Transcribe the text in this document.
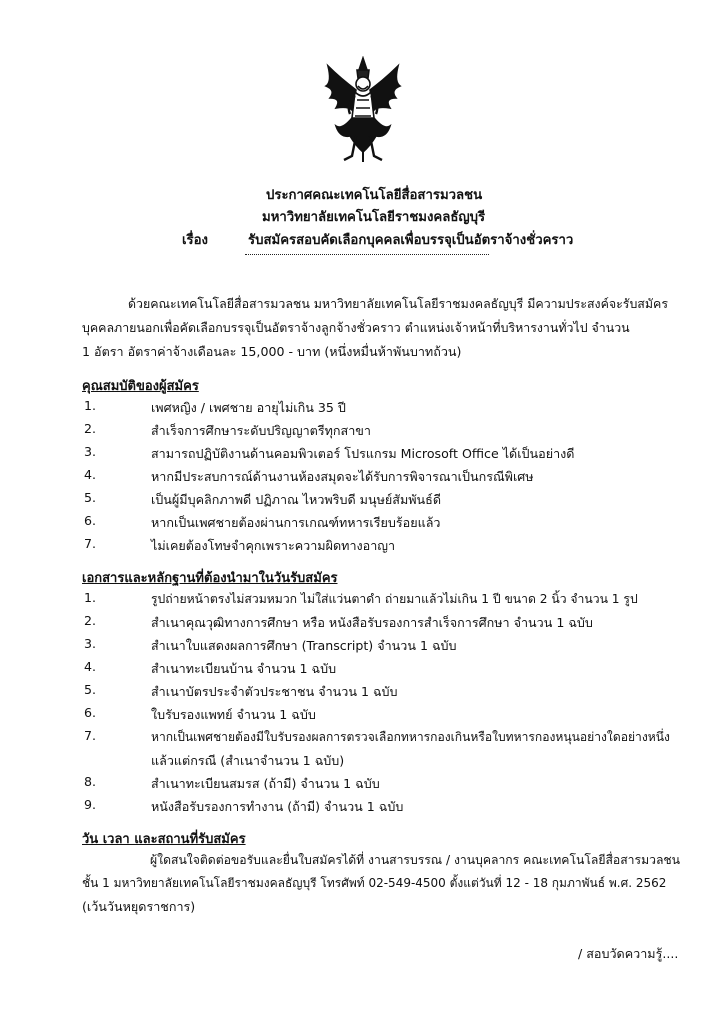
ประกาศคณะเทคโนโลยีสื่อสารมวลชน
มหาวิทยาลัยเทคโนโลยีราชมงคลธัญบุรี
เรื่อง	รับสมัครสอบคัดเลือกบุคคลเพื่อบรรจุเป็นอัตราจ้างชั่วคราว
ด้วยคณะเทคโนโลยีสื่อสารมวลชน มหาวิทยาลัยเทคโนโลยีราชมงคลธัญบุรี มีความประสงค์จะรับสมัคร
บุคคลภายนอกเพื่อคัดเลือกบรรจุเป็นอัตราจ้างลูกจ้างชั่วคราว ตำแหน่งเจ้าหน้าที่บริหารงานทั่วไป จำนวน
1 อัตรา อัตราค่าจ้างเดือนละ 15,000 - บาท (หนึ่งหมื่นห้าพันบาทถ้วน)
คุณสมบัติของผู้สมัคร
1.	เพศหญิง / เพศชาย อายุไม่เกิน 35 ปี
2.	สำเร็จการศึกษาระดับปริญญาตรีทุกสาขา
3.	สามารถปฏิบัติงานด้านคอมพิวเตอร์ โปรแกรม Microsoft Office ได้เป็นอย่างดี
4.	หากมีประสบการณ์ด้านงานห้องสมุดจะได้รับการพิจารณาเป็นกรณีพิเศษ
5.	เป็นผู้มีบุคลิกภาพดี ปฏิภาณ ไหวพริบดี มนุษย์สัมพันธ์ดี
6.	หากเป็นเพศชายต้องผ่านการเกณฑ์ทหารเรียบร้อยแล้ว
7.	ไม่เคยต้องโทษจำคุกเพราะความผิดทางอาญา
เอกสารและหลักฐานที่ต้องนำมาในวันรับสมัคร
1.	รูปถ่ายหน้าตรงไม่สวมหมวก ไม่ใส่แว่นตาดำ ถ่ายมาแล้วไม่เกิน 1 ปี ขนาด 2 นิ้ว จำนวน 1 รูป
2.	สำเนาคุณวุฒิทางการศึกษา หรือ หนังสือรับรองการสำเร็จการศึกษา จำนวน 1 ฉบับ
3.	สำเนาใบแสดงผลการศึกษา (Transcript) จำนวน 1 ฉบับ
4.	สำเนาทะเบียนบ้าน จำนวน 1 ฉบับ
5.	สำเนาบัตรประจำตัวประชาชน จำนวน 1 ฉบับ
6.	ใบรับรองแพทย์ จำนวน 1 ฉบับ
7.	หากเป็นเพศชายต้องมีใบรับรองผลการตรวจเลือกทหารกองเกินหรือใบทหารกองหนุนอย่างใดอย่างหนึ่ง
แล้วแต่กรณี (สำเนาจำนวน 1 ฉบับ)
8.	สำเนาทะเบียนสมรส (ถ้ามี) จำนวน 1 ฉบับ
9.	หนังสือรับรองการทำงาน (ถ้ามี) จำนวน 1 ฉบับ
วัน เวลา และสถานที่รับสมัคร
ผู้ใดสนใจติดต่อขอรับและยื่นใบสมัครได้ที่ งานสารบรรณ / งานบุคลากร คณะเทคโนโลยีสื่อสารมวลชน
ชั้น 1 มหาวิทยาลัยเทคโนโลยีราชมงคลธัญบุรี โทรศัพท์ 02-549-4500 ตั้งแต่วันที่ 12 - 18 กุมภาพันธ์ พ.ศ. 2562
(เว้นวันหยุดราชการ)
/ สอบวัดความรู้....
